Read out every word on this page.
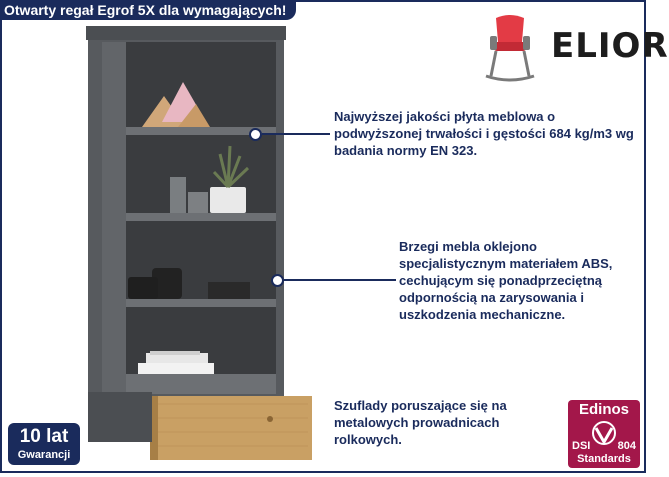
Otwarty regał Egrof 5X dla wymagających!
ELIOR
Najwyższej jakości płyta meblowa o podwyższonej trwałości i gęstości 684 kg/m3 wg badania normy EN 323.
Brzegi mebla oklejono specjalistycznym materiałem ABS, cechującym się ponadprzeciętną odpornością na zarysowania i uszkodzenia mechaniczne.
Szuflady poruszające się na metalowych prowadnicach rolkowych.
10 lat
Gwarancji
Edinos
DSI 804
Standards
